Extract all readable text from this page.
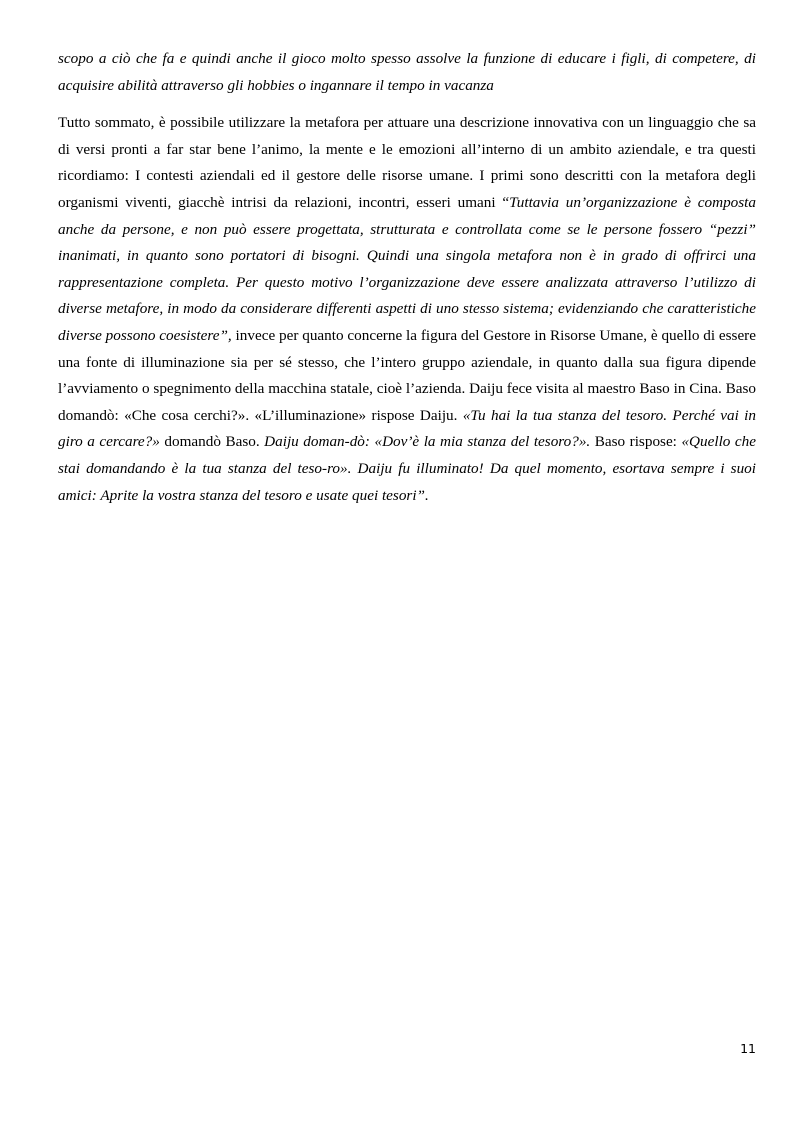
scopo a ciò che fa e quindi anche il gioco molto spesso assolve la funzione di educare i figli, di competere, di acquisire abilità attraverso gli hobbies o ingannare il tempo in vacanza

Tutto sommato, è possibile utilizzare la metafora per attuare una descrizione innovativa con un linguaggio che sa di versi pronti a far star bene l’animo, la mente e le emozioni all’interno di un ambito aziendale, e tra questi ricordiamo: I contesti aziendali ed il gestore delle risorse umane. I primi sono descritti con la metafora degli organismi viventi, giacchè intrisi da relazioni, incontri, esseri umani “Tuttavia un’organizzazione è composta anche da persone, e non può essere progettata, strutturata e controllata come se le persone fossero “pezzi” inanimati, in quanto sono portatori di bisogni. Quindi una singola metafora non è in grado di offrirci una rappresentazione completa. Per questo motivo l’organizzazione deve essere analizzata attraverso l’utilizzo di diverse metafore, in modo da considerare differenti aspetti di uno stesso sistema; evidenziando che caratteristiche diverse possono coesistere”, invece per quanto concerne la figura del Gestore in Risorse Umane, è quello di essere una fonte di illuminazione sia per sé stesso, che l’intero gruppo aziendale, in quanto dalla sua figura dipende l’avviamento o spegnimento della macchina statale, cioè l’azienda. Daiju fece visita al maestro Baso in Cina. Baso domandò: «Che cosa cerchi?». «L’illuminazione» rispose Daiju. «Tu hai la tua stanza del tesoro. Perché vai in giro a cercare?» domandò Baso. Daiju doman-dò: «Dov’è la mia stanza del tesoro?». Baso rispose: «Quello che stai domandando è la tua stanza del teso-ro». Daiju fu illuminato! Da quel momento, esortava sempre i suoi amici: Aprite la vostra stanza del tesoro e usate quei tesori”.

11
